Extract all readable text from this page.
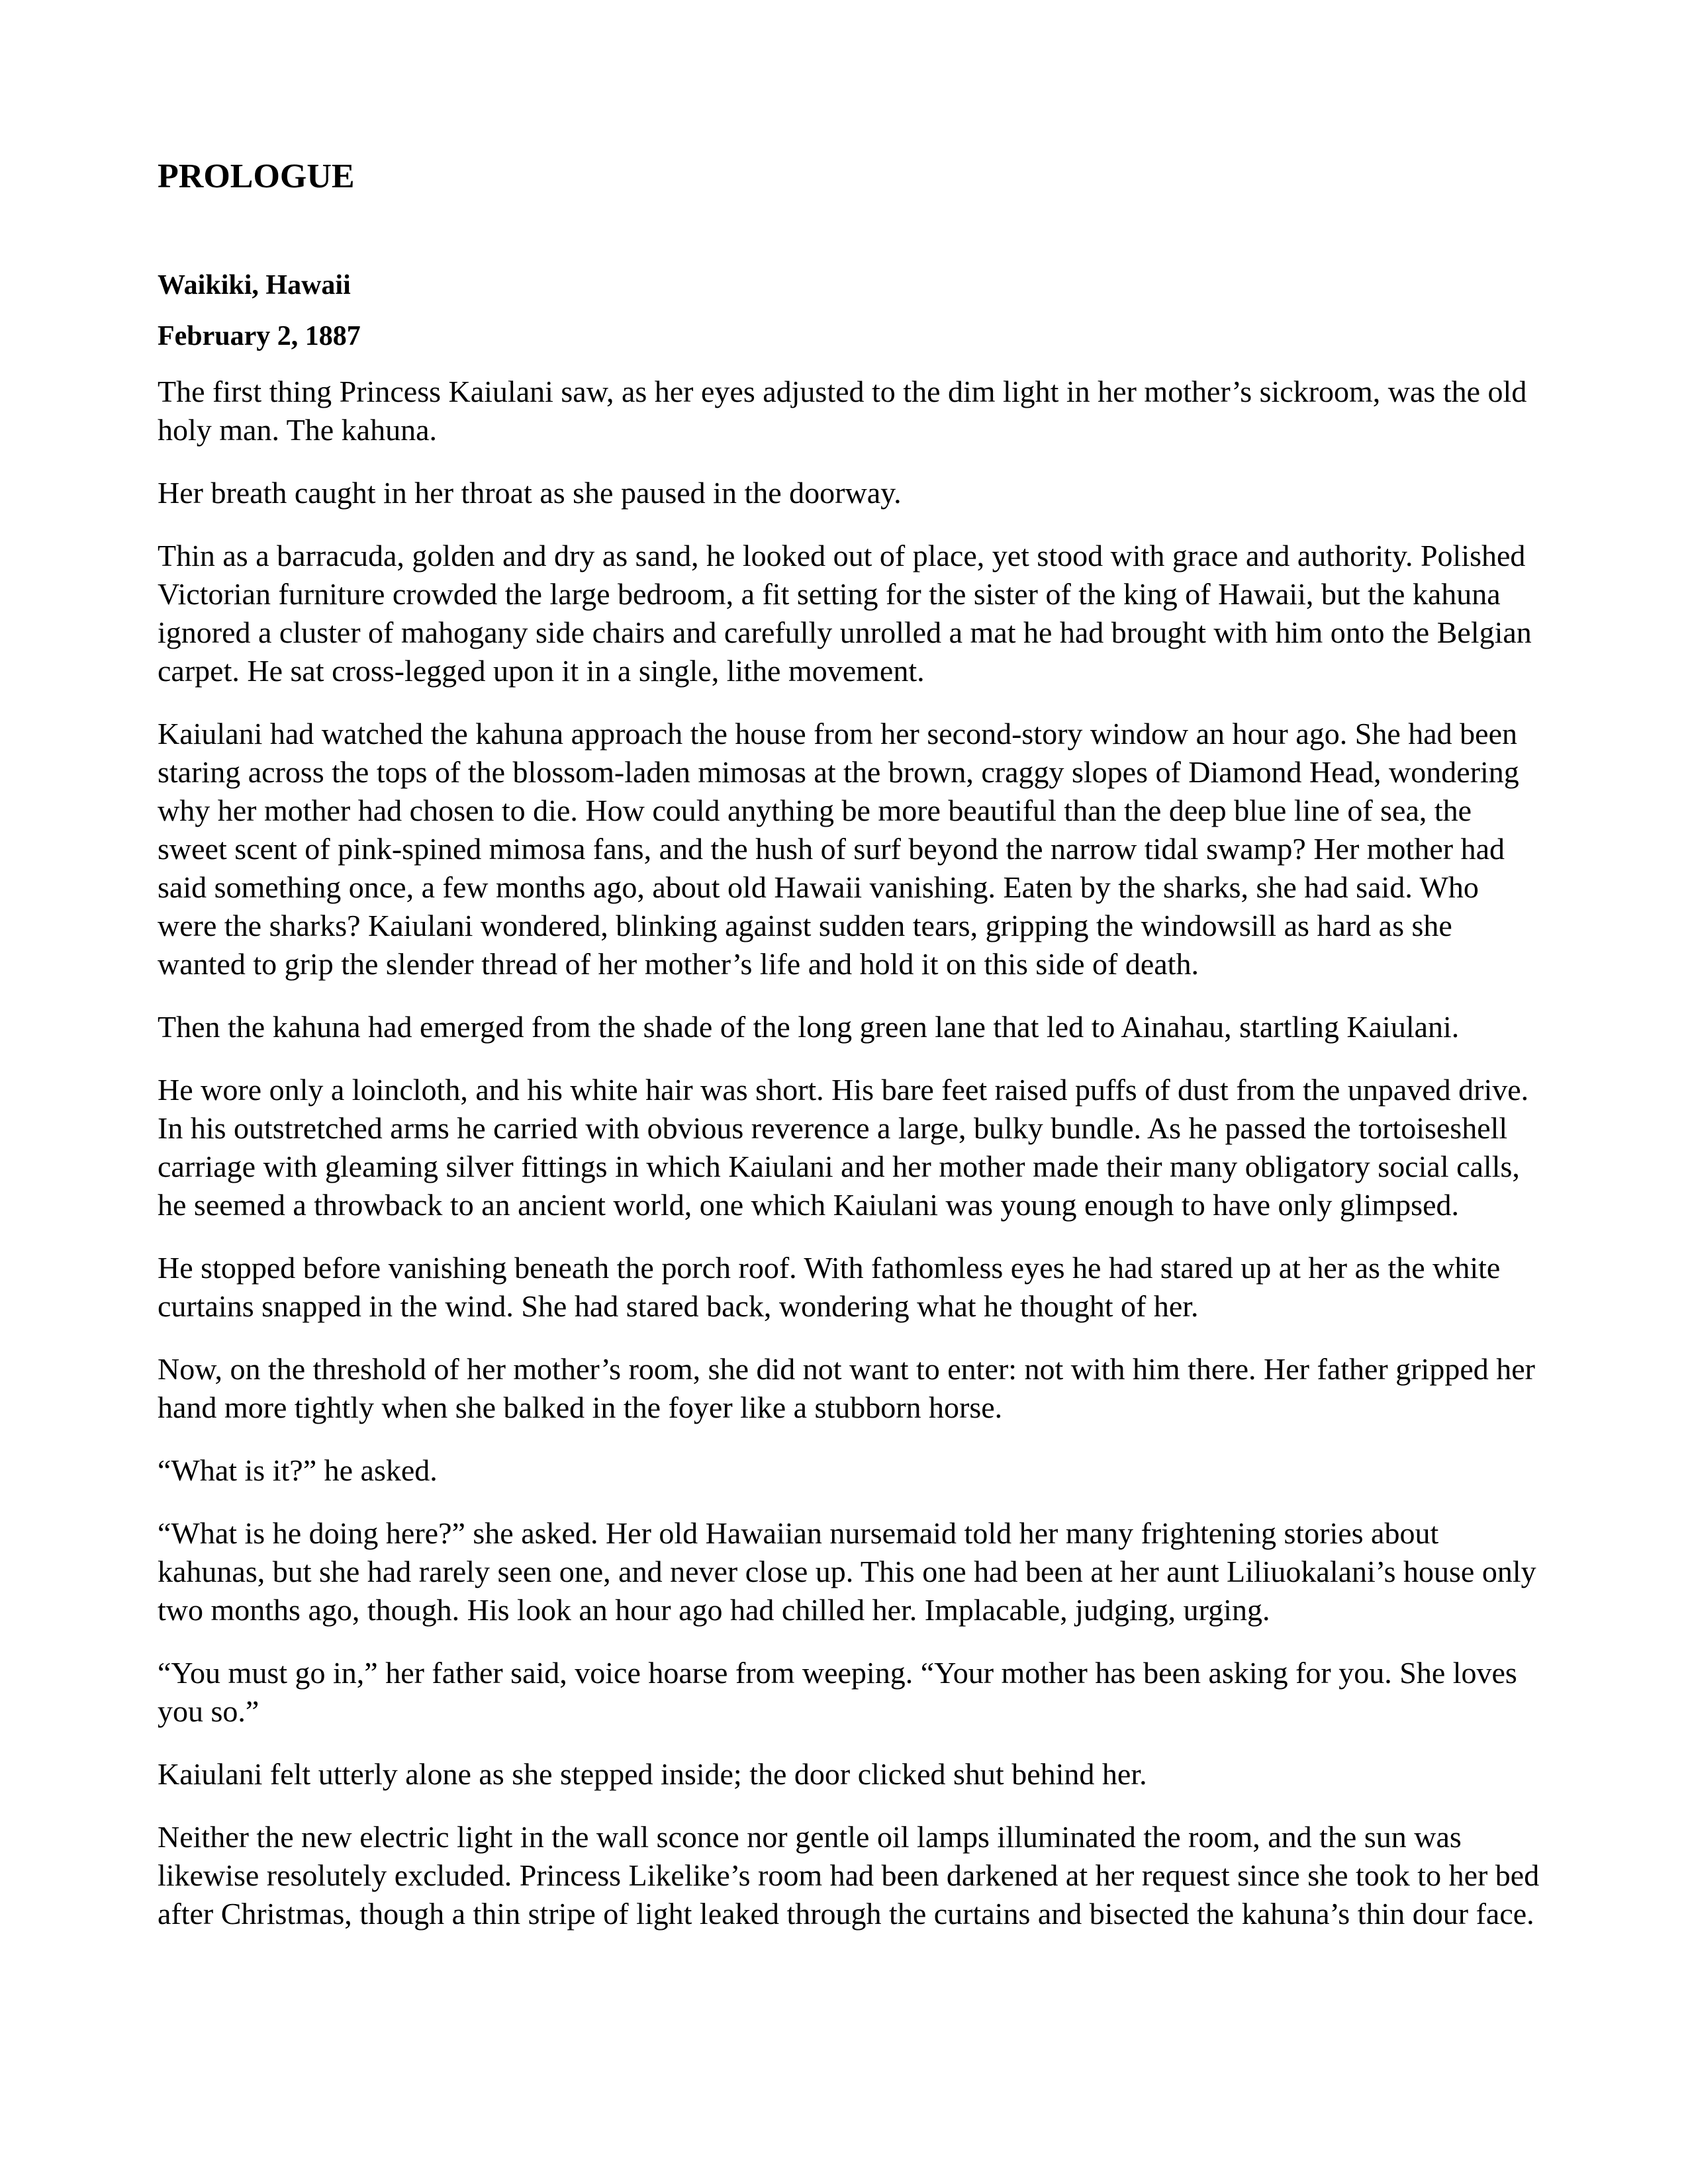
PROLOGUE
Waikiki, Hawaii
February 2, 1887

The first thing Princess Kaiulani saw, as her eyes adjusted to the dim light in her mother’s sickroom, was the old holy man. The kahuna.

Her breath caught in her throat as she paused in the doorway.

Thin as a barracuda, golden and dry as sand, he looked out of place, yet stood with grace and authority. Polished Victorian furniture crowded the large bedroom, a fit setting for the sister of the king of Hawaii, but the kahuna ignored a cluster of mahogany side chairs and carefully unrolled a mat he had brought with him onto the Belgian carpet. He sat cross-legged upon it in a single, lithe movement.

Kaiulani had watched the kahuna approach the house from her second-story window an hour ago. She had been staring across the tops of the blossom-laden mimosas at the brown, craggy slopes of Diamond Head, wondering why her mother had chosen to die. How could anything be more beautiful than the deep blue line of sea, the sweet scent of pink-spined mimosa fans, and the hush of surf beyond the narrow tidal swamp? Her mother had said something once, a few months ago, about old Hawaii vanishing. Eaten by the sharks, she had said. Who were the sharks? Kaiulani wondered, blinking against sudden tears, gripping the windowsill as hard as she wanted to grip the slender thread of her mother’s life and hold it on this side of death.

Then the kahuna had emerged from the shade of the long green lane that led to Ainahau, startling Kaiulani.

He wore only a loincloth, and his white hair was short. His bare feet raised puffs of dust from the unpaved drive. In his outstretched arms he carried with obvious reverence a large, bulky bundle. As he passed the tortoiseshell carriage with gleaming silver fittings in which Kaiulani and her mother made their many obligatory social calls, he seemed a throwback to an ancient world, one which Kaiulani was young enough to have only glimpsed.

He stopped before vanishing beneath the porch roof. With fathomless eyes he had stared up at her as the white curtains snapped in the wind. She had stared back, wondering what he thought of her.

Now, on the threshold of her mother’s room, she did not want to enter: not with him there. Her father gripped her hand more tightly when she balked in the foyer like a stubborn horse.

“What is it?” he asked.

“What is he doing here?” she asked. Her old Hawaiian nursemaid told her many frightening stories about kahunas, but she had rarely seen one, and never close up. This one had been at her aunt Liliuokalani’s house only two months ago, though. His look an hour ago had chilled her. Implacable, judging, urging.

“You must go in,” her father said, voice hoarse from weeping. “Your mother has been asking for you. She loves you so.”

Kaiulani felt utterly alone as she stepped inside; the door clicked shut behind her.

Neither the new electric light in the wall sconce nor gentle oil lamps illuminated the room, and the sun was likewise resolutely excluded. Princess Likelike’s room had been darkened at her request since she took to her bed after Christmas, though a thin stripe of light leaked through the curtains and bisected the kahuna’s thin dour face.
